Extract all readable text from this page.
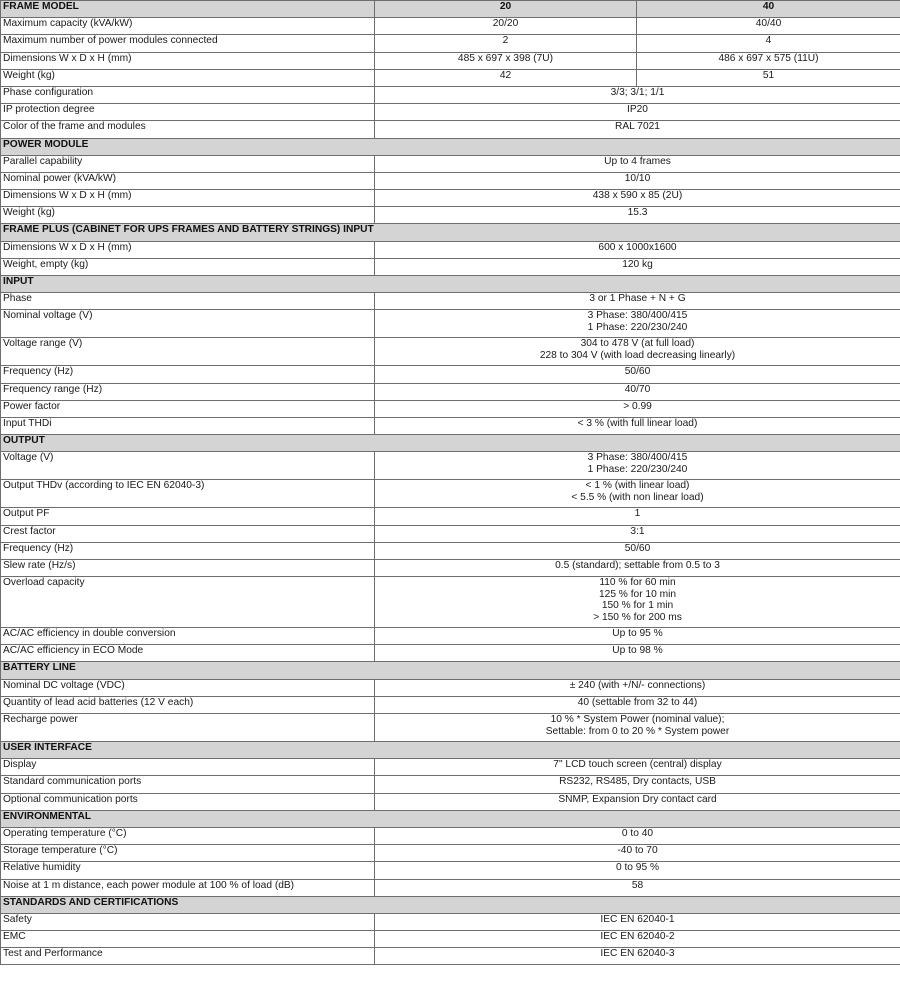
FRAME MODEL	20	40
Maximum capacity (kVA/kW)	20/20	40/40
Maximum number of power modules connected	2	4
Dimensions W x D x H (mm)	485 x 697 x 398 (7U)	486 x 697 x 575 (11U)
Weight (kg)	42	51
Phase configuration	3/3; 3/1; 1/1	
IP protection degree	IP20	
Color of the frame and modules	RAL 7021	
POWER MODULE		
Parallel capability	Up to 4 frames	
Nominal power (kVA/kW)	10/10	
Dimensions W x D x H (mm)	438 x 590 x 85 (2U)	
Weight (kg)	15.3	
FRAME PLUS (CABINET FOR UPS FRAMES AND BATTERY STRINGS) INPUT		
Dimensions W x D x H (mm)	600 x 1000x1600	
Weight, empty (kg)	120 kg	
INPUT		
Phase	3 or 1 Phase + N + G	
Nominal voltage (V)	3 Phase: 380/400/415
1 Phase: 220/230/240	

Voltage range (V)	304 to 478 V (at full load)
228 to 304 V (with load decreasing linearly)	

Frequency (Hz)	50/60	
Frequency range (Hz)	40/70	
Power factor	> 0.99	
Input THDi	< 3 % (with full linear load)	
OUTPUT		
Voltage (V)	3 Phase: 380/400/415
1 Phase: 220/230/240	

Output THDv (according to IEC EN 62040-3)	< 1 % (with linear load)
< 5.5 % (with non linear load)	

Output PF	1	
Crest factor	3:1	
Frequency (Hz)	50/60	
Slew rate (Hz/s)	0.5 (standard); settable from 0.5 to 3	
Overload capacity	110 % for 60 min
125 % for 10 min
150 % for 1 min
> 150 % for 200 ms	

AC/AC efficiency in double conversion	Up to 95 %	
AC/AC efficiency in ECO Mode	Up to 98 %	
BATTERY LINE		
Nominal DC voltage (VDC)	± 240 (with +/N/- connections)	
Quantity of lead acid batteries (12 V each)	40 (settable from 32 to 44)	
Recharge power	10 % * System Power (nominal value);
Settable: from 0 to 20 % * System power	

USER INTERFACE		
Display	7" LCD touch screen (central) display	
Standard communication ports	RS232, RS485, Dry contacts, USB	
Optional communication ports	SNMP, Expansion Dry contact card	
ENVIRONMENTAL		
Operating temperature (°C)	0 to 40	
Storage temperature (°C)	-40 to 70	
Relative humidity	0 to 95 %	
Noise at 1 m distance, each power module at 100 % of load (dB)	58	
STANDARDS AND CERTIFICATIONS		
Safety	IEC EN 62040-1	
EMC	IEC EN 62040-2	
Test and Performance	IEC EN 62040-3	
